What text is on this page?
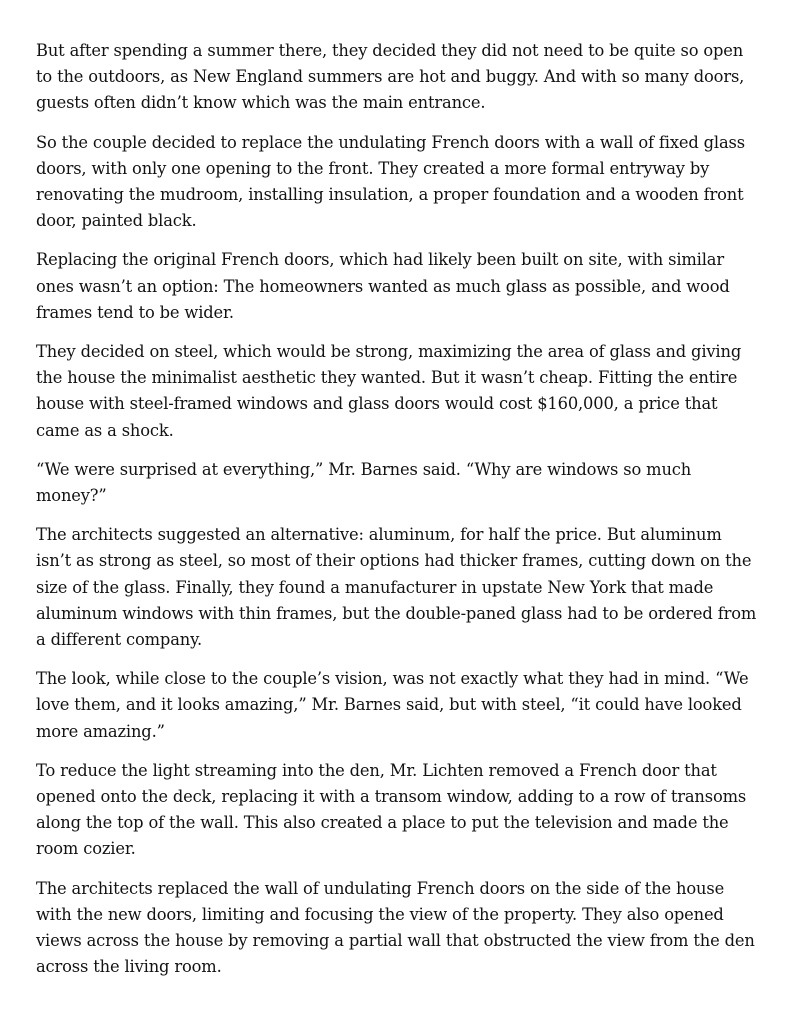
But after spending a summer there, they decided they did not need to be quite so open to the outdoors, as New England summers are hot and buggy. And with so many doors, guests often didn’t know which was the main entrance.

So the couple decided to replace the undulating French doors with a wall of fixed glass doors, with only one opening to the front. They created a more formal entryway by renovating the mudroom, installing insulation, a proper foundation and a wooden front door, painted black.

Replacing the original French doors, which had likely been built on site, with similar ones wasn’t an option: The homeowners wanted as much glass as possible, and wood frames tend to be wider.

They decided on steel, which would be strong, maximizing the area of glass and giving the house the minimalist aesthetic they wanted. But it wasn’t cheap. Fitting the entire house with steel-framed windows and glass doors would cost $160,000, a price that came as a shock.

“We were surprised at everything,” Mr. Barnes said. “Why are windows so much money?”

The architects suggested an alternative: aluminum, for half the price. But aluminum isn’t as strong as steel, so most of their options had thicker frames, cutting down on the size of the glass. Finally, they found a manufacturer in upstate New York that made aluminum windows with thin frames, but the double-paned glass had to be ordered from a different company.

The look, while close to the couple’s vision, was not exactly what they had in mind. “We love them, and it looks amazing,” Mr. Barnes said, but with steel, “it could have looked more amazing.”

To reduce the light streaming into the den, Mr. Lichten removed a French door that opened onto the deck, replacing it with a transom window, adding to a row of transoms along the top of the wall. This also created a place to put the television and made the room cozier.

The architects replaced the wall of undulating French doors on the side of the house with the new doors, limiting and focusing the view of the property. They also opened views across the house by removing a partial wall that obstructed the view from the den across the living room.
